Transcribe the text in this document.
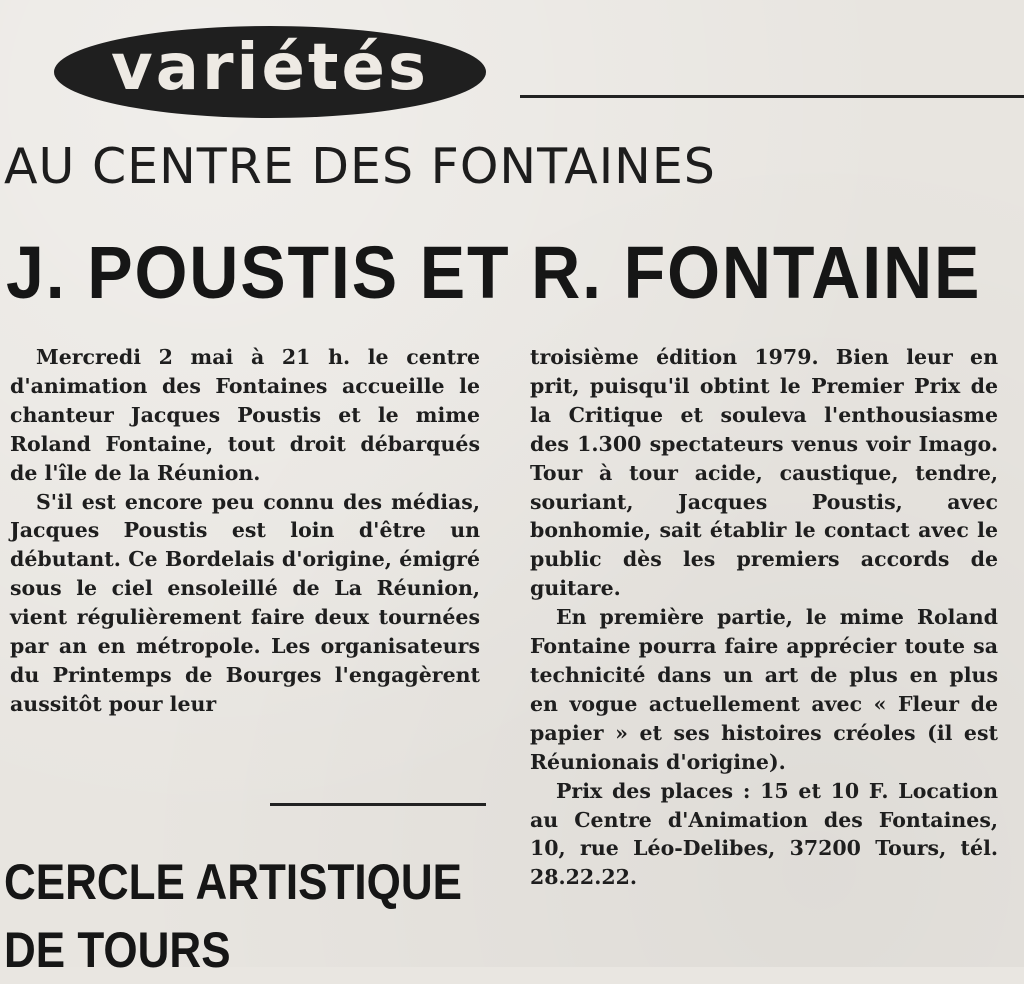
variétés
AU CENTRE DES FONTAINES
J. POUSTIS ET R. FONTAINE

Mercredi 2 mai à 21 h. le centre d'animation des Fontaines accueille le chanteur Jacques Poustis et le mime Roland Fontaine, tout droit débarqués de l'île de la Réunion.

S'il est encore peu connu des médias, Jacques Poustis est loin d'être un débutant. Ce Bordelais d'origine, émigré sous le ciel ensoleillé de La Réunion, vient régulièrement faire deux tournées par an en métropole. Les organisateurs du Printemps de Bourges l'engagèrent aussitôt pour leur

troisième édition 1979. Bien leur en prit, puisqu'il obtint le Premier Prix de la Critique et souleva l'enthousiasme des 1.300 spectateurs venus voir Imago. Tour à tour acide, caustique, tendre, souriant, Jacques Poustis, avec bonhomie, sait établir le contact avec le public dès les premiers accords de guitare.

En première partie, le mime Roland Fontaine pourra faire apprécier toute sa technicité dans un art de plus en plus en vogue actuellement avec « Fleur de papier » et ses histoires créoles (il est Réunionais d'origine).

Prix des places : 15 et 10 F. Location au Centre d'Animation des Fontaines, 10, rue Léo-Delibes, 37200 Tours, tél. 28.22.22.

CERCLE ARTISTIQUE
DE TOURS
